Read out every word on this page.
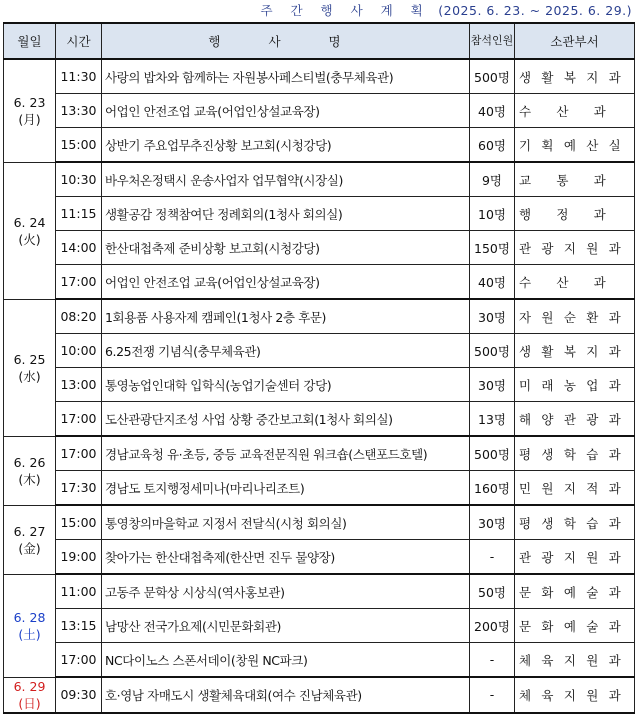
주 간 행 사 계 획 (2025. 6. 23. ~ 2025. 6. 29.)
월일	시간	행 사 명	참석인원	소관부서

6. 23
(月)	11:30	사랑의 밥차와 함께하는 자원봉사페스티벌(충무체육관)	500명	생 활 복 지 과

	13:30	어업인 안전조업 교육(어업인상설교육장)	40명	수 산 과

	15:00	상반기 주요업무추진상황 보고회(시청강당)	60명	기 획 예 산 실

6. 24
(火)	10:30	바우처온정택시 운송사업자 업무협약(시장실)	9명	교 통 과

	11:15	생활공감 정책참여단 정례회의(1청사 회의실)	10명	행 정 과

	14:00	한산대첩축제 준비상황 보고회(시청강당)	150명	관 광 지 원 과

	17:00	어업인 안전조업 교육(어업인상설교육장)	40명	수 산 과

6. 25
(水)	08:20	1회용품 사용자제 캠페인(1청사 2층 후문)	30명	자 원 순 환 과

	10:00	6.25전쟁 기념식(충무체육관)	500명	생 활 복 지 과

	13:00	통영농업인대학 입학식(농업기술센터 강당)	30명	미 래 농 업 과

	17:00	도산관광단지조성 사업 상황 중간보고회(1청사 회의실)	13명	해 양 관 광 과

6. 26
(木)	17:00	경남교육청 유·초등, 중등 교육전문직원 워크숍(스탠포드호텔)	500명	평 생 학 습 과

	17:30	경남도 토지행정세미나(마리나리조트)	160명	민 원 지 적 과

6. 27
(金)	15:00	통영창의마을학교 지정서 전달식(시청 회의실)	30명	평 생 학 습 과

	19:00	찾아가는 한산대첩축제(한산면 진두 물양장)	-	관 광 지 원 과

6. 28
(土)	11:00	고동주 문학상 시상식(역사홍보관)	50명	문 화 예 술 과

	13:15	남망산 전국가요제(시민문화회관)	200명	문 화 예 술 과

	17:00	NC다이노스 스폰서데이(창원 NC파크)	-	체 육 지 원 과

6. 29
(日)	09:30	호·영남 자매도시 생활체육대회(여수 진남체육관)	-	체 육 지 원 과
